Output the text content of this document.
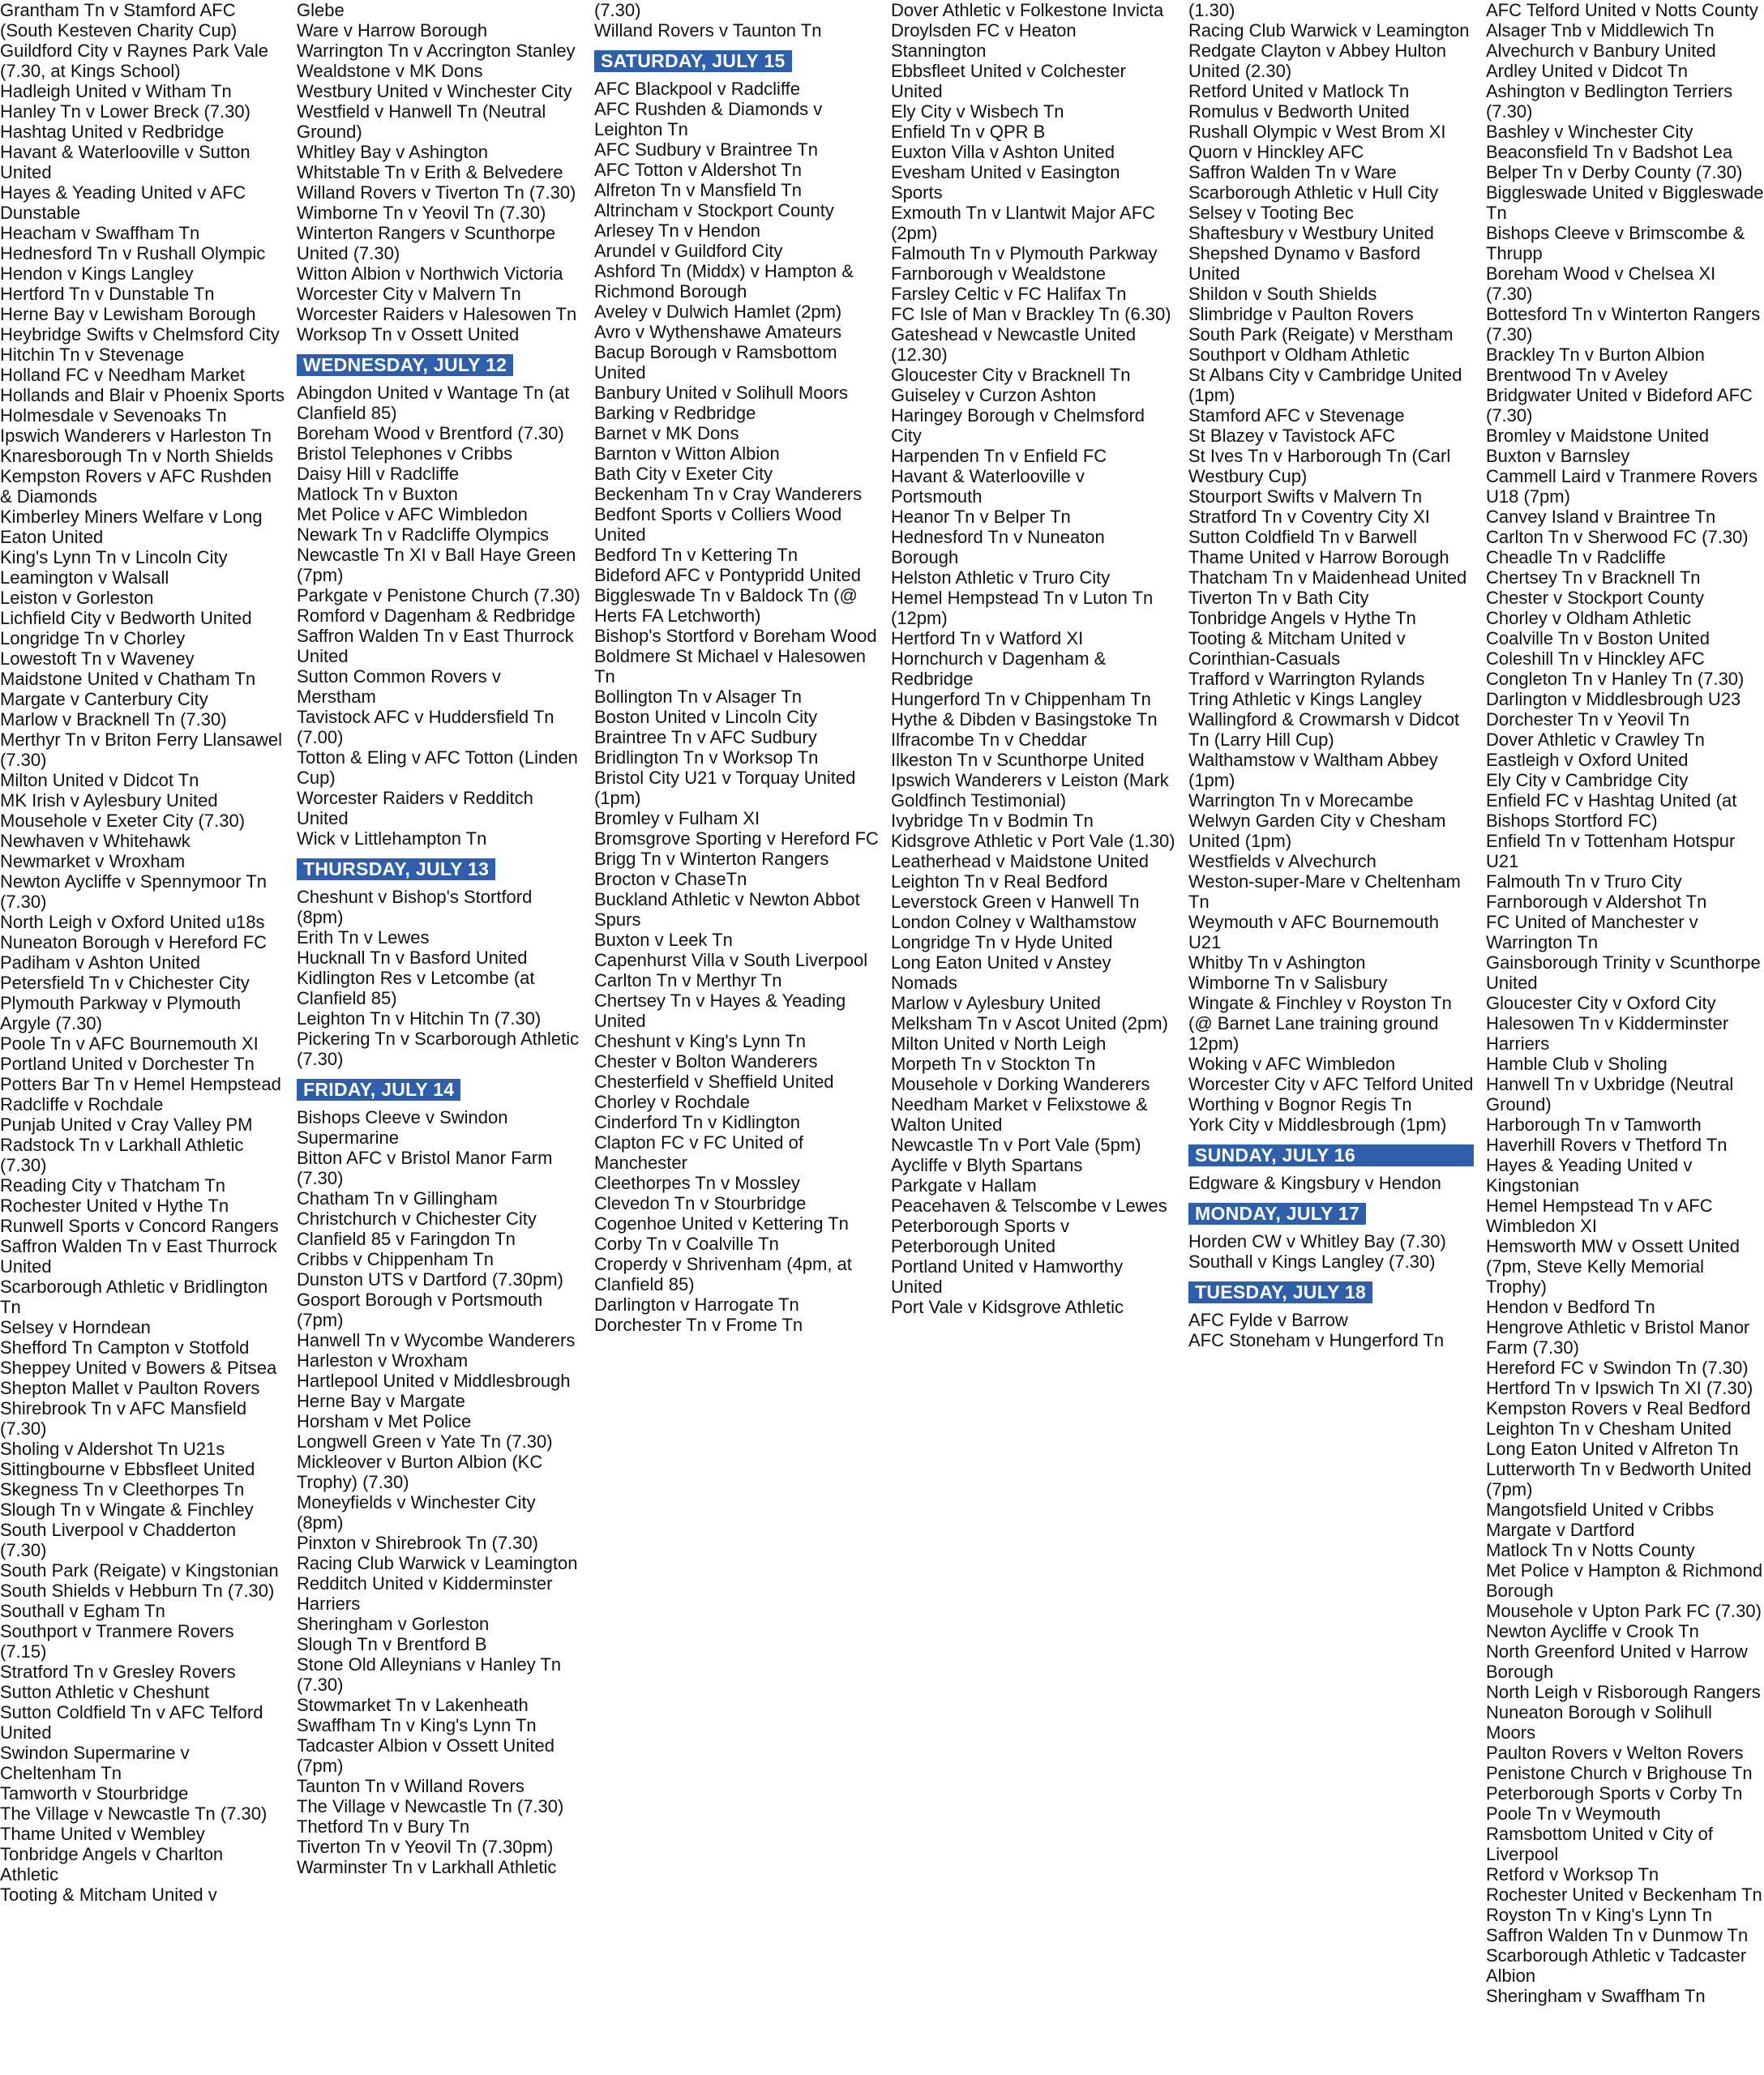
Grantham Tn v Stamford AFC (South Kesteven Charity Cup)
Guildford City v Raynes Park Vale (7.30, at Kings School)
Hadleigh United v Witham Tn
Hanley Tn v Lower Breck (7.30)
Hashtag United v Redbridge
Havant & Waterlooville v Sutton United
Hayes & Yeading United v AFC Dunstable
Heacham v Swaffham Tn
Hednesford Tn v Rushall Olympic
Hendon v Kings Langley
Hertford Tn v Dunstable Tn
Herne Bay v Lewisham Borough
Heybridge Swifts v Chelmsford City
Hitchin Tn v Stevenage
Holland FC v Needham Market
Hollands and Blair v Phoenix Sports
Holmesdale v Sevenoaks Tn
Ipswich Wanderers v Harleston Tn
Knaresborough Tn v North Shields
Kempston Rovers v AFC Rushden & Diamonds
Kimberley Miners Welfare v Long Eaton United
King's Lynn Tn v Lincoln City
Leamington v Walsall
Leiston v Gorleston
Lichfield City v Bedworth United
Longridge Tn v Chorley
Lowestoft Tn v Waveney
Maidstone United v Chatham Tn
Margate v Canterbury City
Marlow v Bracknell Tn (7.30)
Merthyr Tn v Briton Ferry Llansawel (7.30)
Milton United v Didcot Tn
MK Irish v Aylesbury United
Mousehole v Exeter City (7.30)
Newhaven v Whitehawk
Newmarket v Wroxham
Newton Aycliffe v Spennymoor Tn (7.30)
North Leigh v Oxford United u18s
Nuneaton Borough v Hereford FC
Padiham v Ashton United
Petersfield Tn v Chichester City
Plymouth Parkway v Plymouth Argyle (7.30)
Poole Tn v AFC Bournemouth XI
Portland United v Dorchester Tn
Potters Bar Tn v Hemel Hempstead
Radcliffe v Rochdale
Punjab United v Cray Valley PM
Radstock Tn v Larkhall Athletic (7.30)
Reading City v Thatcham Tn
Rochester United v Hythe Tn
Runwell Sports v Concord Rangers
Saffron Walden Tn v East Thurrock United
Scarborough Athletic v Bridlington Tn
Selsey v Horndean
Shefford Tn Campton v Stotfold
Sheppey United v Bowers & Pitsea
Shepton Mallet v Paulton Rovers
Shirebrook Tn v AFC Mansfield (7.30)
Sholing v Aldershot Tn U21s
Sittingbourne v Ebbsfleet United
Skegness Tn v Cleethorpes Tn
Slough Tn v Wingate & Finchley
South Liverpool v Chadderton (7.30)
South Park (Reigate) v Kingstonian
South Shields v Hebburn Tn (7.30)
Southall v Egham Tn
Southport v Tranmere Rovers (7.15)
Stratford Tn v Gresley Rovers
Sutton Athletic v Cheshunt
Sutton Coldfield Tn v AFC Telford United
Swindon Supermarine v Cheltenham Tn
Tamworth v Stourbridge
The Village v Newcastle Tn (7.30)
Thame United v Wembley
Tonbridge Angels v Charlton Athletic
Tooting & Mitcham United v
Glebe
Ware v Harrow Borough
Warrington Tn v Accrington Stanley
Wealdstone v MK Dons
Westbury United v Winchester City
Westfield v Hanwell Tn (Neutral Ground)
Whitley Bay v Ashington
Whitstable Tn v Erith & Belvedere
Willand Rovers v Tiverton Tn (7.30)
Wimborne Tn v Yeovil Tn (7.30)
Winterton Rangers v Scunthorpe United (7.30)
Witton Albion v Northwich Victoria
Worcester City v Malvern Tn
Worcester Raiders v Halesowen Tn
Worksop Tn v Ossett United
WEDNESDAY, JULY 12
Abingdon United v Wantage Tn (at Clanfield 85)
Boreham Wood v Brentford (7.30)
Bristol Telephones v Cribbs
Daisy Hill v Radcliffe
Matlock Tn v Buxton
Met Police v AFC Wimbledon
Newark Tn v Radcliffe Olympics
Newcastle Tn XI v Ball Haye Green (7pm)
Parkgate v Penistone Church (7.30)
Romford v Dagenham & Redbridge
Saffron Walden Tn v East Thurrock United
Sutton Common Rovers v Merstham
Tavistock AFC v Huddersfield Tn (7.00)
Totton & Eling v AFC Totton (Linden Cup)
Worcester Raiders v Redditch United
Wick v Littlehampton Tn
THURSDAY, JULY 13
Cheshunt v Bishop's Stortford (8pm)
Erith Tn v Lewes
Hucknall Tn v Basford United
Kidlington Res v Letcombe (at Clanfield 85)
Leighton Tn v Hitchin Tn (7.30)
Pickering Tn v Scarborough Athletic (7.30)
FRIDAY, JULY 14
Bishops Cleeve v Swindon Supermarine
Bitton AFC v Bristol Manor Farm (7.30)
Chatham Tn v Gillingham
Christchurch v Chichester City
Clanfield 85 v Faringdon Tn
Cribbs v Chippenham Tn
Dunston UTS v Dartford (7.30pm)
Gosport Borough v Portsmouth (7pm)
Hanwell Tn v Wycombe Wanderers
Harleston v Wroxham
Hartlepool United v Middlesbrough
Herne Bay v Margate
Horsham v Met Police
Longwell Green v Yate Tn (7.30)
Mickleover v Burton Albion (KC Trophy) (7.30)
Moneyfields v Winchester City (8pm)
Pinxton v Shirebrook Tn (7.30)
Racing Club Warwick v Leamington
Redditch United v Kidderminster Harriers
Sheringham v Gorleston
Slough Tn v Brentford B
Stone Old Alleynians v Hanley Tn (7.30)
Stowmarket Tn v Lakenheath
Swaffham Tn v King's Lynn Tn
Tadcaster Albion v Ossett United (7pm)
Taunton Tn v Willand Rovers
The Village v Newcastle Tn (7.30)
Thetford Tn v Bury Tn
Tiverton Tn v Yeovil Tn (7.30pm)
Warminster Tn v Larkhall Athletic
(7.30)
Willand Rovers v Taunton Tn
SATURDAY, JULY 15
AFC Blackpool v Radcliffe
AFC Rushden & Diamonds v Leighton Tn
AFC Sudbury v Braintree Tn
AFC Totton v Aldershot Tn
Alfreton Tn v Mansfield Tn
Altrincham v Stockport County
Arlesey Tn v Hendon
Arundel v Guildford City
Ashford Tn (Middx) v Hampton & Richmond Borough
Aveley v Dulwich Hamlet (2pm)
Avro v Wythenshawe Amateurs
Bacup Borough v Ramsbottom United
Banbury United v Solihull Moors
Barking v Redbridge
Barnet v MK Dons
Barnton v Witton Albion
Bath City v Exeter City
Beckenham Tn v Cray Wanderers
Bedfont Sports v Colliers Wood United
Bedford Tn v Kettering Tn
Bideford AFC v Pontypridd United
Biggleswade Tn v Baldock Tn (@ Herts FA Letchworth)
Bishop's Stortford v Boreham Wood
Boldmere St Michael v Halesowen Tn
Bollington Tn v Alsager Tn
Boston United v Lincoln City
Braintree Tn v AFC Sudbury
Bridlington Tn v Worksop Tn
Bristol City U21 v Torquay United (1pm)
Bromley v Fulham XI
Bromsgrove Sporting v Hereford FC
Brigg Tn v Winterton Rangers
Brocton v ChaseTn
Buckland Athletic v Newton Abbot Spurs
Buxton v Leek Tn
Capenhurst Villa v South Liverpool
Carlton Tn v Merthyr Tn
Chertsey Tn v Hayes & Yeading United
Cheshunt v King's Lynn Tn
Chester v Bolton Wanderers
Chesterfield v Sheffield United
Chorley v Rochdale
Cinderford Tn v Kidlington
Clapton FC v FC United of Manchester
Cleethorpes Tn v Mossley
Clevedon Tn v Stourbridge
Cogenhoe United v Kettering Tn
Corby Tn v Coalville Tn
Croperdy v Shrivenham (4pm, at Clanfield 85)
Darlington v Harrogate Tn
Dorchester Tn v Frome Tn
Dover Athletic v Folkestone Invicta
Droylsden FC v Heaton Stannington
Ebbsfleet United v Colchester United
Ely City v Wisbech Tn
Enfield Tn v QPR B
Euxton Villa v Ashton United
Evesham United v Easington Sports
Exmouth Tn v Llantwit Major AFC (2pm)
Falmouth Tn v Plymouth Parkway
Farnborough v Wealdstone
Farsley Celtic v FC Halifax Tn
FC Isle of Man v Brackley Tn (6.30)
Gateshead v Newcastle United (12.30)
Gloucester City v Bracknell Tn
Guiseley v Curzon Ashton
Haringey Borough v Chelmsford City
Harpenden Tn v Enfield FC
Havant & Waterlooville v Portsmouth
Heanor Tn v Belper Tn
Hednesford Tn v Nuneaton Borough
Helston Athletic v Truro City
Hemel Hempstead Tn v Luton Tn (12pm)
Hertford Tn v Watford XI
Hornchurch v Dagenham & Redbridge
Hungerford Tn v Chippenham Tn
Hythe & Dibden v Basingstoke Tn
Ilfracombe Tn v Cheddar
Ilkeston Tn v Scunthorpe United
Ipswich Wanderers v Leiston (Mark Goldfinch Testimonial)
Ivybridge Tn v Bodmin Tn
Kidsgrove Athletic v Port Vale (1.30)
Leatherhead v Maidstone United
Leighton Tn v Real Bedford
Leverstock Green v Hanwell Tn
London Colney v Walthamstow
Longridge Tn v Hyde United
Long Eaton United v Anstey Nomads
Marlow v Aylesbury United
Melksham Tn v Ascot United (2pm)
Milton United v North Leigh
Morpeth Tn v Stockton Tn
Mousehole v Dorking Wanderers
Needham Market v Felixstowe & Walton United
Newcastle Tn v Port Vale (5pm)
Aycliffe v Blyth Spartans
Parkgate v Hallam
Peacehaven & Telscombe v Lewes
Peterborough Sports v Peterborough United
Portland United v Hamworthy United
Port Vale v Kidsgrove Athletic
(1.30)
Racing Club Warwick v Leamington
Redgate Clayton v Abbey Hulton United (2.30)
Retford United v Matlock Tn
Romulus v Bedworth United
Rushall Olympic v West Brom XI
Quorn v Hinckley AFC
Saffron Walden Tn v Ware
Scarborough Athletic v Hull City
Selsey v Tooting Bec
Shaftesbury v Westbury United
Shepshed Dynamo v Basford United
Shildon v South Shields
Slimbridge v Paulton Rovers
South Park (Reigate) v Merstham
Southport v Oldham Athletic
St Albans City v Cambridge United (1pm)
Stamford AFC v Stevenage
St Blazey v Tavistock AFC
St Ives Tn v Harborough Tn (Carl Westbury Cup)
Stourport Swifts v Malvern Tn
Stratford Tn v Coventry City XI
Sutton Coldfield Tn v Barwell
Thame United v Harrow Borough
Thatcham Tn v Maidenhead United
Tiverton Tn v Bath City
Tonbridge Angels v Hythe Tn
Tooting & Mitcham United v Corinthian-Casuals
Trafford v Warrington Rylands
Tring Athletic v Kings Langley
Wallingford & Crowmarsh v Didcot Tn (Larry Hill Cup)
Walthamstow v Waltham Abbey (1pm)
Warrington Tn v Morecambe
Welwyn Garden City v Chesham United (1pm)
Westfields v Alvechurch
Weston-super-Mare v Cheltenham Tn
Weymouth v AFC Bournemouth U21
Whitby Tn v Ashington
Wimborne Tn v Salisbury
Wingate & Finchley v Royston Tn (@ Barnet Lane training ground 12pm)
Woking v AFC Wimbledon
Worcester City v AFC Telford United
Worthing v Bognor Regis Tn
York City v Middlesbrough (1pm)
SUNDAY, JULY 16
Edgware & Kingsbury v Hendon
MONDAY, JULY 17
Horden CW v Whitley Bay (7.30)
Southall v Kings Langley (7.30)
TUESDAY, JULY 18
AFC Fylde v Barrow
AFC Stoneham v Hungerford Tn
AFC Telford United v Notts County
Alsager Tnb v Middlewich Tn
Alvechurch v Banbury United
Ardley United v Didcot Tn
Ashington v Bedlington Terriers (7.30)
Bashley v Winchester City
Beaconsfield Tn v Badshot Lea
Belper Tn v Derby County (7.30)
Biggleswade United v Biggleswade Tn
Bishops Cleeve v Brimscombe & Thrupp
Boreham Wood v Chelsea XI (7.30)
Bottesford Tn v Winterton Rangers (7.30)
Brackley Tn v Burton Albion
Brentwood Tn v Aveley
Bridgwater United v Bideford AFC (7.30)
Bromley v Maidstone United
Buxton v Barnsley
Cammell Laird v Tranmere Rovers U18 (7pm)
Canvey Island v Braintree Tn
Carlton Tn v Sherwood FC (7.30)
Cheadle Tn v Radcliffe
Chertsey Tn v Bracknell Tn
Chester v Stockport County
Chorley v Oldham Athletic
Coalville Tn v Boston United
Coleshill Tn v Hinckley AFC
Congleton Tn v Hanley Tn (7.30)
Darlington v Middlesbrough U23
Dorchester Tn v Yeovil Tn
Dover Athletic v Crawley Tn
Eastleigh v Oxford United
Ely City v Cambridge City
Enfield FC v Hashtag United (at Bishops Stortford FC)
Enfield Tn v Tottenham Hotspur U21
Falmouth Tn v Truro City
Farnborough v Aldershot Tn
FC United of Manchester v Warrington Tn
Gainsborough Trinity v Scunthorpe United
Gloucester City v Oxford City
Halesowen Tn v Kidderminster Harriers
Hamble Club v Sholing
Hanwell Tn v Uxbridge (Neutral Ground)
Harborough Tn v Tamworth
Haverhill Rovers v Thetford Tn
Hayes & Yeading United v Kingstonian
Hemel Hempstead Tn v AFC Wimbledon XI
Hemsworth MW v Ossett United (7pm, Steve Kelly Memorial Trophy)
Hendon v Bedford Tn
Hengrove Athletic v Bristol Manor Farm (7.30)
Hereford FC v Swindon Tn (7.30)
Hertford Tn v Ipswich Tn XI (7.30)
Kempston Rovers v Real Bedford
Leighton Tn v Chesham United
Long Eaton United v Alfreton Tn
Lutterworth Tn v Bedworth United (7pm)
Mangotsfield United v Cribbs
Margate v Dartford
Matlock Tn v Notts County
Met Police v Hampton & Richmond Borough
Mousehole v Upton Park FC (7.30)
Newton Aycliffe v Crook Tn
North Greenford United v Harrow Borough
North Leigh v Risborough Rangers
Nuneaton Borough v Solihull Moors
Paulton Rovers v Welton Rovers
Penistone Church v Brighouse Tn
Peterborough Sports v Corby Tn
Poole Tn v Weymouth
Ramsbottom United v City of Liverpool
Retford v Worksop Tn
Rochester United v Beckenham Tn
Royston Tn v King's Lynn Tn
Saffron Walden Tn v Dunmow Tn
Scarborough Athletic v Tadcaster Albion
Sheringham v Swaffham Tn
